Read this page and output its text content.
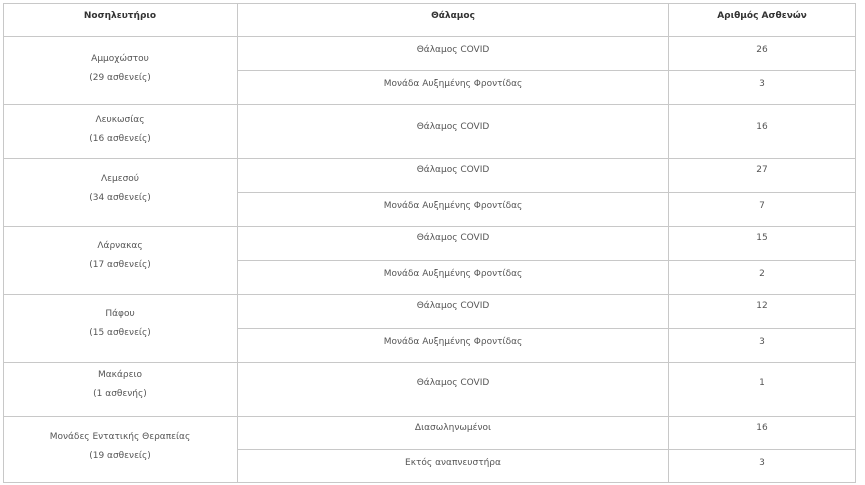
Νοσηλευτήριο	Θάλαμος	Αριθμός Ασθενών
Αμμοχώστου
(29 ασθενείς)
Θάλαμος COVID	26
Μονάδα Αυξημένης Φροντίδας	3
Λευκωσίας
(16 ασθενείς)
Θάλαμος COVID	16
Λεμεσού
(34 ασθενείς)
Θάλαμος COVID	27
Μονάδα Αυξημένης Φροντίδας	7
Λάρνακας
(17 ασθενείς)
Θάλαμος COVID	15
Μονάδα Αυξημένης Φροντίδας	2
Πάφου
(15 ασθενείς)
Θάλαμος COVID	12
Μονάδα Αυξημένης Φροντίδας	3
Μακάρειο
(1 ασθενής)
Θάλαμος COVID	1
Μονάδες Εντατικής Θεραπείας
(19 ασθενείς)
Διασωληνωμένοι	16
Εκτός αναπνευστήρα	3
